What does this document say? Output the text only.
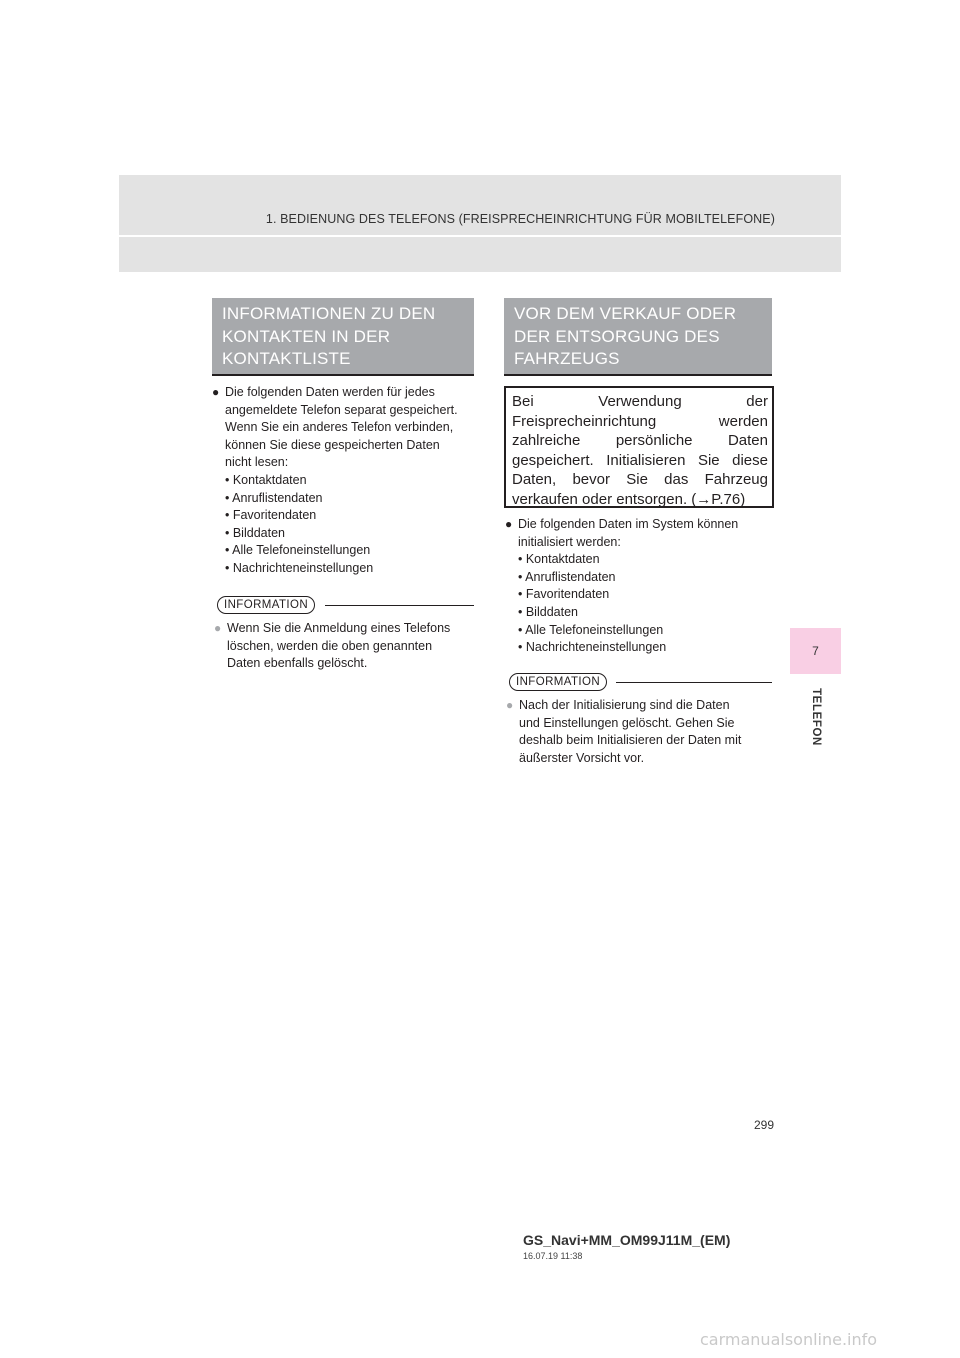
1. BEDIENUNG DES TELEFONS (FREISPRECHEINRICHTUNG FÜR MOBILTELEFONE)
7
TELEFON
INFORMATIONEN ZU DEN
KONTAKTEN IN DER
KONTAKTLISTE
● Die folgenden Daten werden für jedes
angemeldete Telefon separat gespeichert.
Wenn Sie ein anderes Telefon verbinden,
können Sie diese gespeicherten Daten
nicht lesen:
• Kontaktdaten
• Anruflistendaten
• Favoritendaten
• Bilddaten
• Alle Telefoneinstellungen
• Nachrichteneinstellungen
INFORMATION
● Wenn Sie die Anmeldung eines Telefons
löschen, werden die oben genannten
Daten ebenfalls gelöscht.
VOR DEM VERKAUF ODER
DER ENTSORGUNG DES
FAHRZEUGS
Bei Verwendung der
Freisprecheinrichtung werden
zahlreiche persönliche Daten
gespeichert. Initialisieren Sie diese
Daten, bevor Sie das Fahrzeug
verkaufen oder entsorgen. (→P.76)
● Die folgenden Daten im System können
initialisiert werden:
• Kontaktdaten
• Anruflistendaten
• Favoritendaten
• Bilddaten
• Alle Telefoneinstellungen
• Nachrichteneinstellungen
INFORMATION
● Nach der Initialisierung sind die Daten
und Einstellungen gelöscht. Gehen Sie
deshalb beim Initialisieren der Daten mit
äußerster Vorsicht vor.
299
GS_Navi+MM_OM99J11M_(EM)
16.07.19 11:38
carmanualsonline.info
